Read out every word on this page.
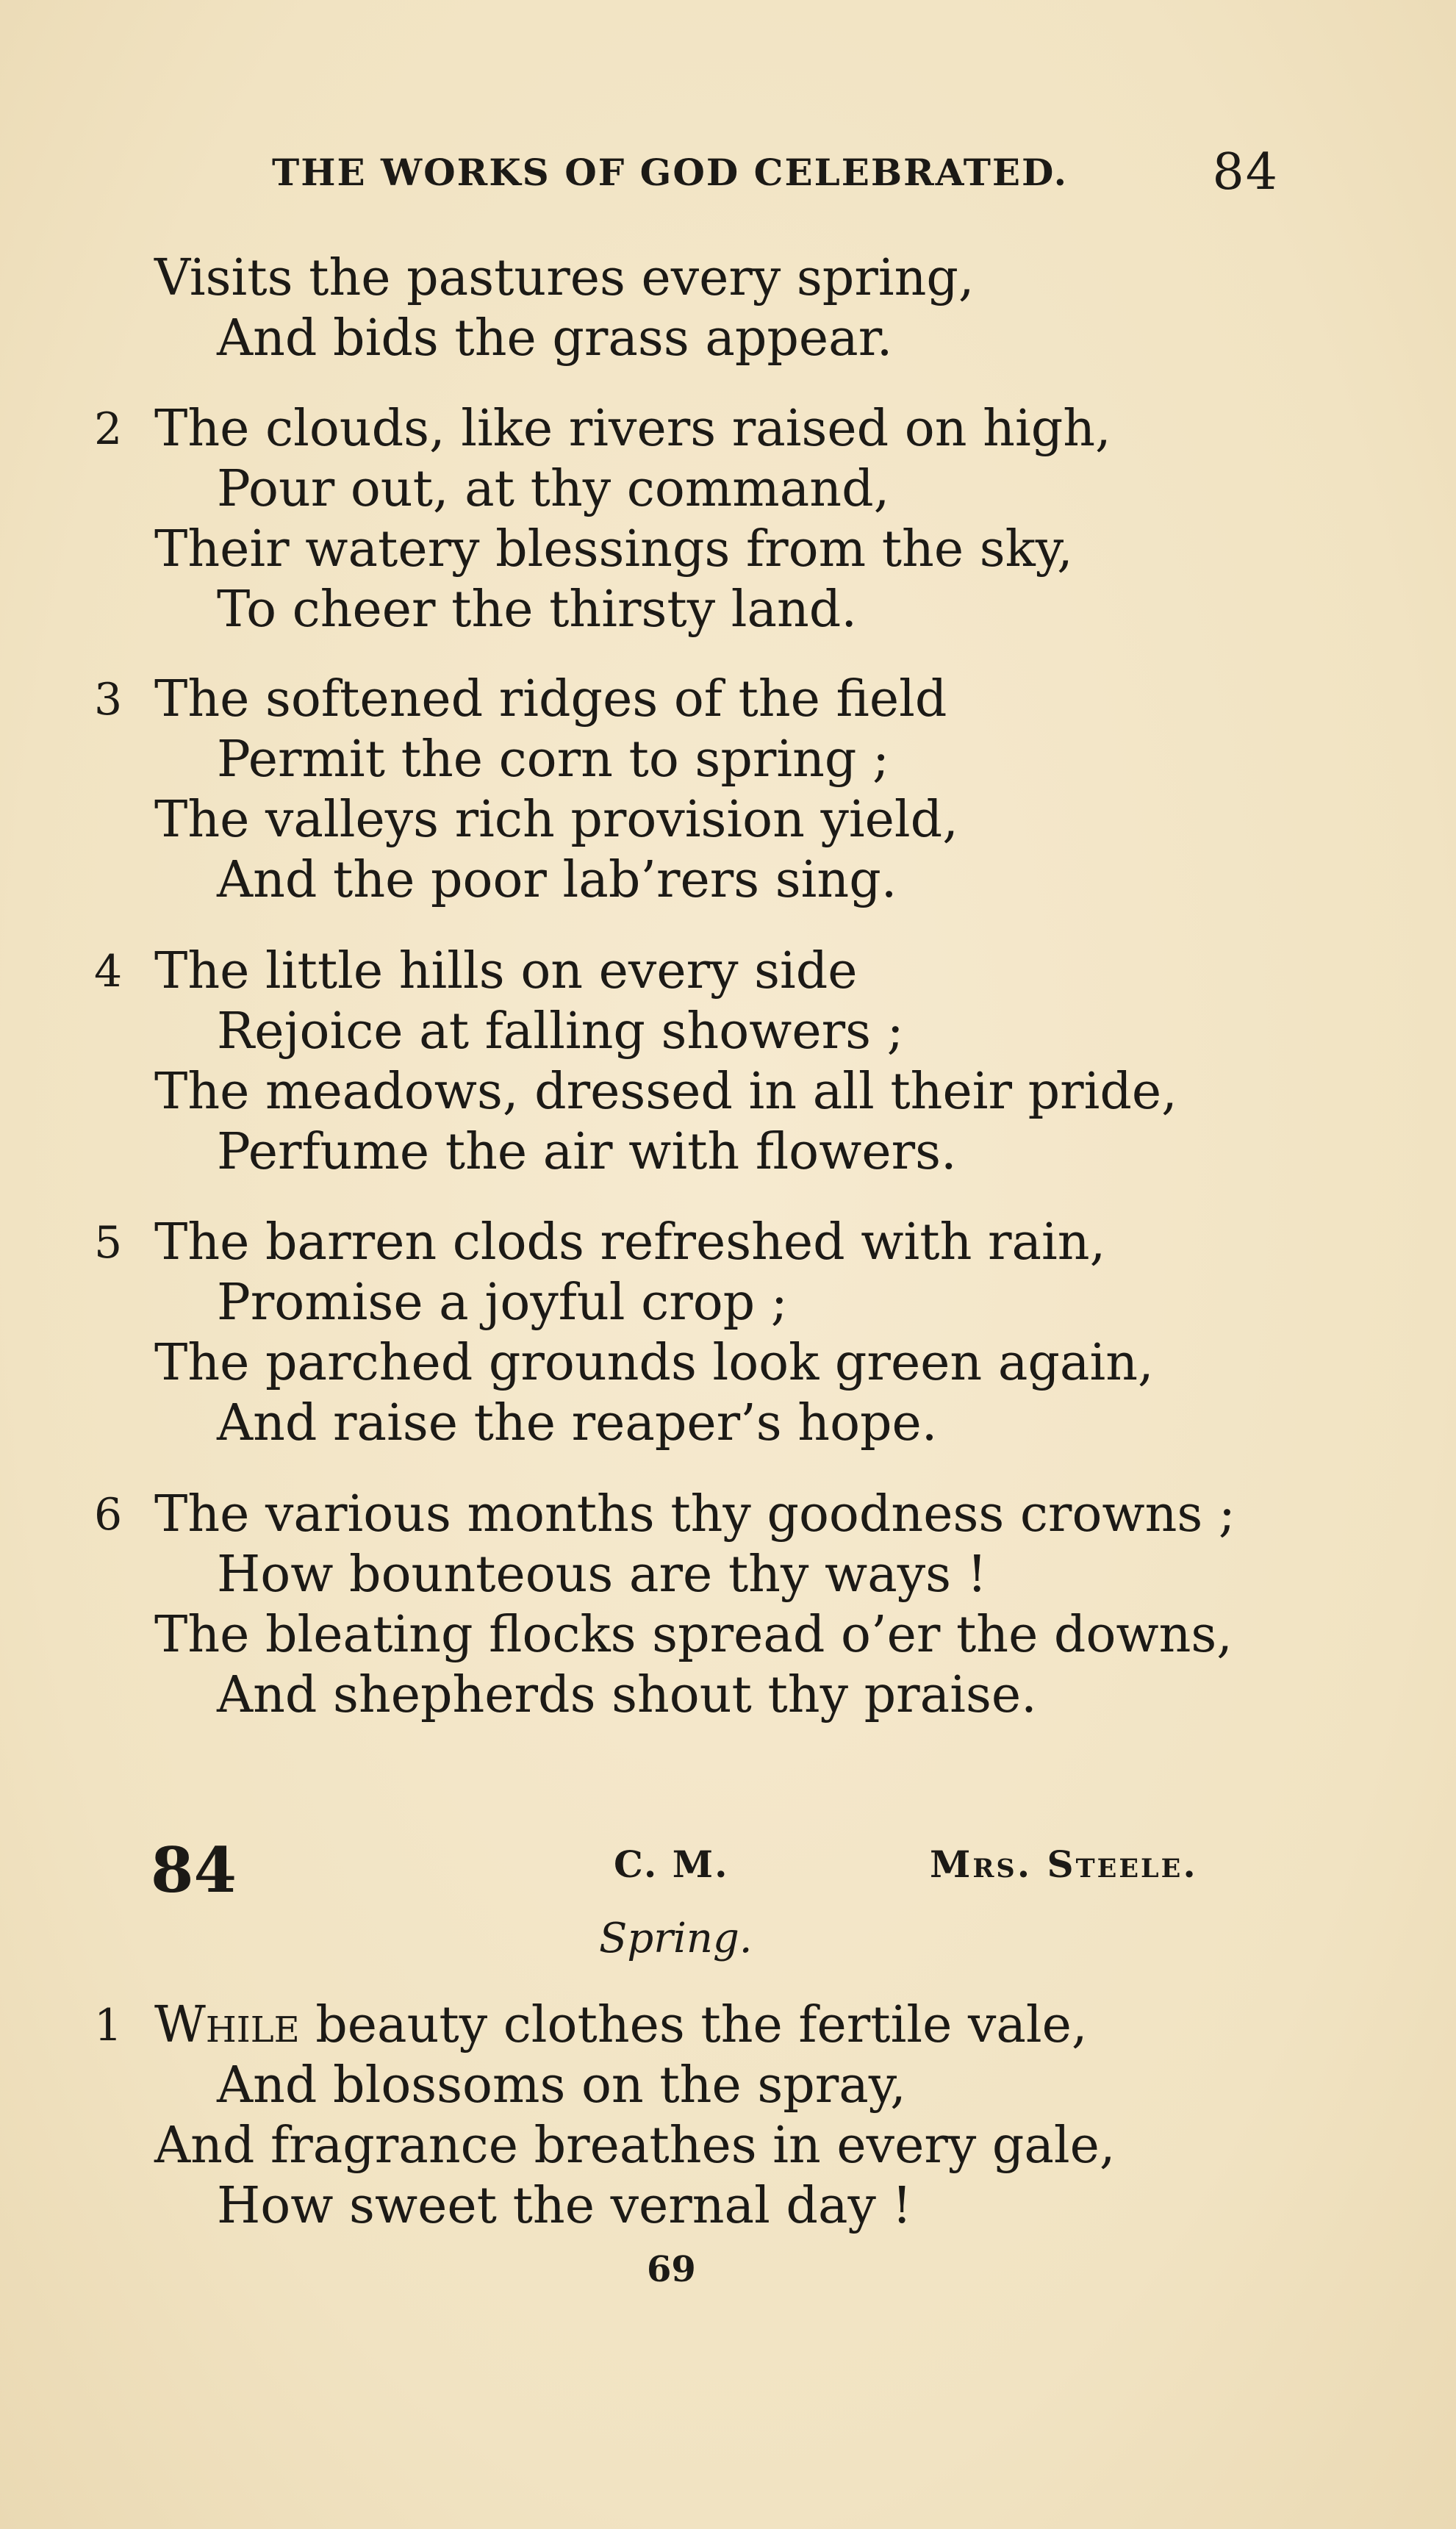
THE WORKS OF GOD CELEBRATED.	84
Visits the pastures every spring,
And bids the grass appear.
2 The clouds, like rivers raised on high,
Pour out, at thy command,
Their watery blessings from the sky,
To cheer the thirsty land.
3 The softened ridges of the field
Permit the corn to spring ;
The valleys rich provision yield,
And the poor lab’rers sing.
4 The little hills on every side
Rejoice at falling showers ;
The meadows, dressed in all their pride,
Perfume the air with flowers.
5 The barren clods refreshed with rain,
Promise a joyful crop ;
The parched grounds look green again,
And raise the reaper’s hope.
6 The various months thy goodness crowns ;
How bounteous are thy ways !
The bleating flocks spread o’er the downs,
And shepherds shout thy praise.
84	C. M.	Mrs. Steele.
Spring.
1 While beauty clothes the fertile vale,
And blossoms on the spray,
And fragrance breathes in every gale,
How sweet the vernal day !
69
